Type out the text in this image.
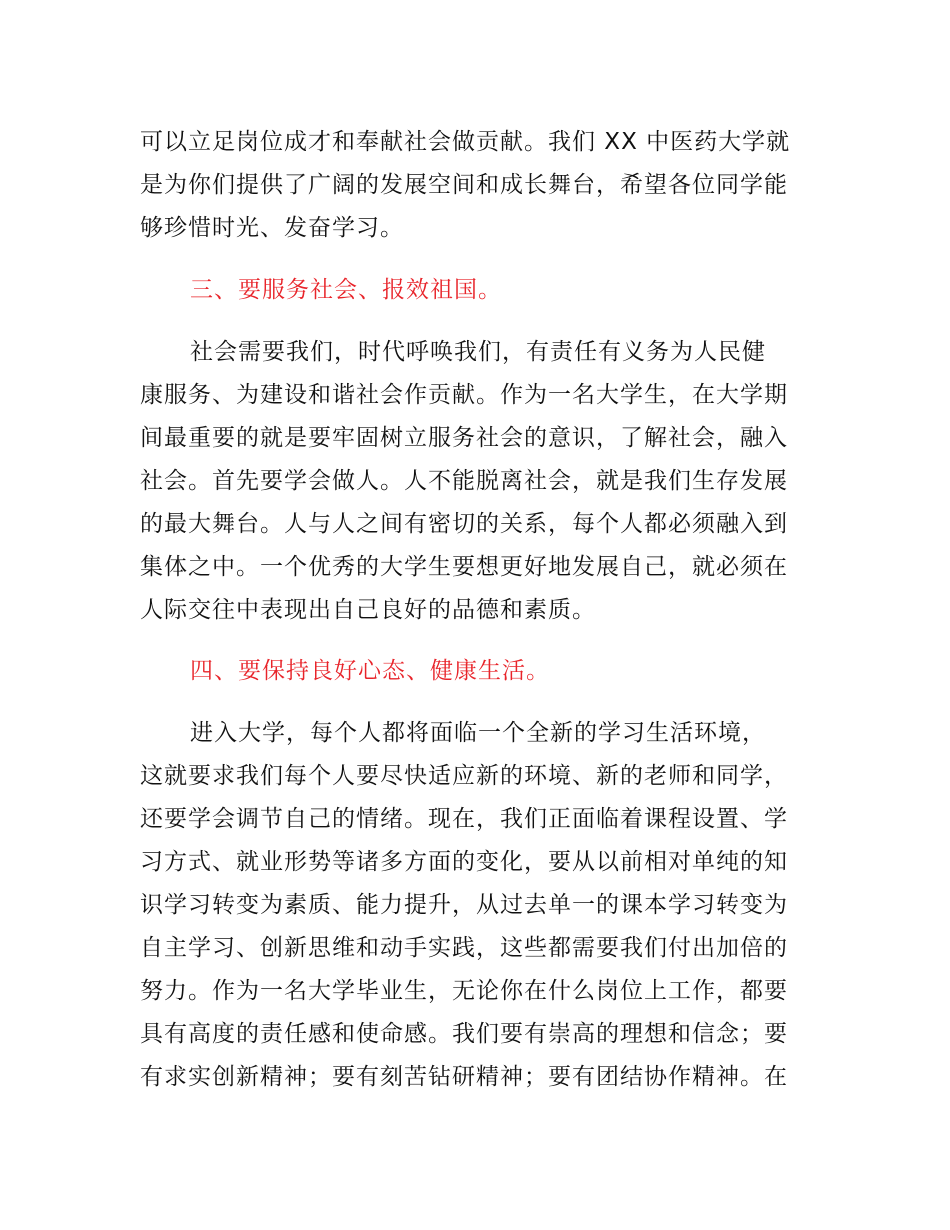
可以立足岗位成才和奉献社会做贡献。我们 XX 中医药大学就
是为你们提供了广阔的发展空间和成长舞台，希望各位同学能
够珍惜时光、发奋学习。
三、要服务社会、报效祖国。
社会需要我们，时代呼唤我们，有责任有义务为人民健
康服务、为建设和谐社会作贡献。作为一名大学生，在大学期
间最重要的就是要牢固树立服务社会的意识，了解社会，融入
社会。首先要学会做人。人不能脱离社会，就是我们生存发展
的最大舞台。人与人之间有密切的关系，每个人都必须融入到
集体之中。一个优秀的大学生要想更好地发展自己，就必须在
人际交往中表现出自己良好的品德和素质。
四、要保持良好心态、健康生活。
进入大学，每个人都将面临一个全新的学习生活环境，
这就要求我们每个人要尽快适应新的环境、新的老师和同学，
还要学会调节自己的情绪。现在，我们正面临着课程设置、学
习方式、就业形势等诸多方面的变化，要从以前相对单纯的知
识学习转变为素质、能力提升，从过去单一的课本学习转变为
自主学习、创新思维和动手实践，这些都需要我们付出加倍的
努力。作为一名大学毕业生，无论你在什么岗位上工作，都要
具有高度的责任感和使命感。我们要有崇高的理想和信念；要
有求实创新精神；要有刻苦钻研精神；要有团结协作精神。在
